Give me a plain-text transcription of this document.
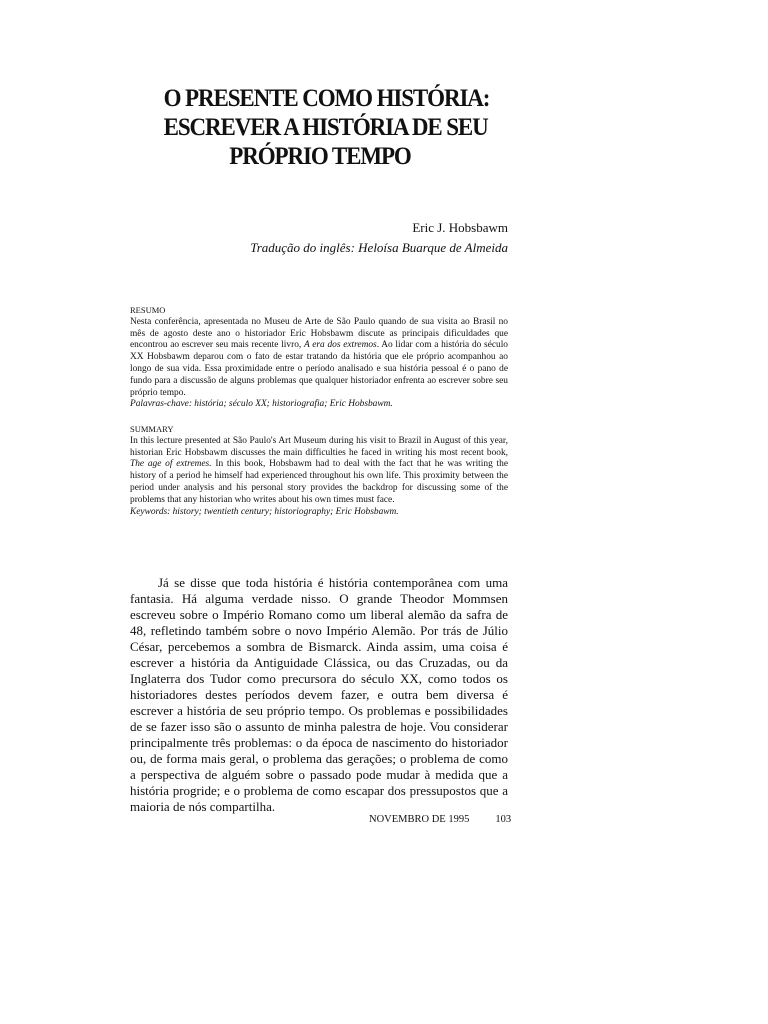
O PRESENTE COMO HISTÓRIA:
ESCREVER A HISTÓRIA DE SEU
PRÓPRIO TEMPO
Eric J. Hobsbawm
Tradução do inglês: Heloísa Buarque de Almeida

RESUMO

Nesta conferência, apresentada no Museu de Arte de São Paulo quando de sua visita ao Brasil no mês de agosto deste ano o historiador Eric Hobsbawm discute as principais dificuldades que encontrou ao escrever seu mais recente livro, A era dos extremos. Ao lidar com a história do século XX Hobsbawm deparou com o fato de estar tratando da história que ele próprio acompanhou ao longo de sua vida. Essa proximidade entre o período analisado e sua história pessoal é o pano de fundo para a discussão de alguns problemas que qualquer historiador enfrenta ao escrever sobre seu próprio tempo.

Palavras-chave: história; século XX; historiografia; Eric Hobsbawm.

SUMMARY

In this lecture presented at São Paulo's Art Museum during his visit to Brazil in August of this year, historian Eric Hobsbawm discusses the main difficulties he faced in writing his most recent book, The age of extremes. In this book, Hobsbawm had to deal with the fact that he was writing the history of a period he himself had experienced throughout his own life. This proximity between the period under analysis and his personal story provides the backdrop for discussing some of the problems that any historian who writes about his own times must face.

Keywords: history; twentieth century; historiography; Eric Hobsbawm.

Já se disse que toda história é história contemporânea com uma fantasia. Há alguma verdade nisso. O grande Theodor Mommsen escreveu sobre o Império Romano como um liberal alemão da safra de 48, refletindo também sobre o novo Império Alemão. Por trás de Júlio César, percebemos a sombra de Bismarck. Ainda assim, uma coisa é escrever a história da Antiguidade Clássica, ou das Cruzadas, ou da Inglaterra dos Tudor como precursora do século XX, como todos os historiadores destes períodos devem fazer, e outra bem diversa é escrever a história de seu próprio tempo. Os problemas e possibilidades de se fazer isso são o assunto de minha palestra de hoje. Vou considerar principalmente três problemas: o da época de nascimento do historiador ou, de forma mais geral, o problema das gerações; o problema de como a perspectiva de alguém sobre o passado pode mudar à medida que a história progride; e o problema de como escapar dos pressupostos que a maioria de nós compartilha.

NOVEMBRO DE 1995 103
